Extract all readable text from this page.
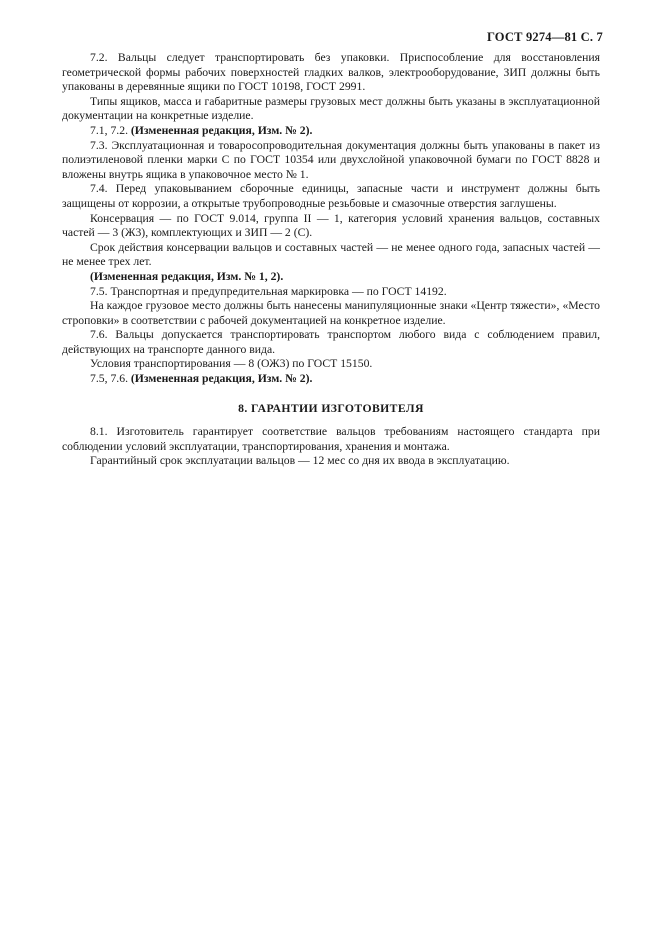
ГОСТ 9274—81 С. 7

7.2. Вальцы следует транспортировать без упаковки. Приспособление для восстановления геометрической формы рабочих поверхностей гладких валков, электрооборудование, ЗИП должны быть упакованы в деревянные ящики по ГОСТ 10198, ГОСТ 2991.

Типы ящиков, масса и габаритные размеры грузовых мест должны быть указаны в эксплуатационной документации на конкретные изделие.

7.1, 7.2. (Измененная редакция, Изм. № 2).

7.3. Эксплуатационная и товаросопроводительная документация должны быть упакованы в пакет из полиэтиленовой пленки марки С по ГОСТ 10354 или двухслойной упаковочной бумаги по ГОСТ 8828 и вложены внутрь ящика в упаковочное место № 1.

7.4. Перед упаковыванием сборочные единицы, запасные части и инструмент должны быть защищены от коррозии, а открытые трубопроводные резьбовые и смазочные отверстия заглушены.

Консервация — по ГОСТ 9.014, группа II — 1, категория условий хранения вальцов, составных частей — 3 (Ж3), комплектующих и ЗИП — 2 (С).

Срок действия консервации вальцов и составных частей — не менее одного года, запасных частей — не менее трех лет.

(Измененная редакция, Изм. № 1, 2).

7.5. Транспортная и предупредительная маркировка — по ГОСТ 14192.

На каждое грузовое место должны быть нанесены манипуляционные знаки «Центр тяжести», «Место строповки» в соответствии с рабочей документацией на конкретное изделие.

7.6. Вальцы допускается транспортировать транспортом любого вида с соблюдением правил, действующих на транспорте данного вида.

Условия транспортирования — 8 (ОЖ3) по ГОСТ 15150.

7.5, 7.6. (Измененная редакция, Изм. № 2).

8. ГАРАНТИИ ИЗГОТОВИТЕЛЯ

8.1. Изготовитель гарантирует соответствие вальцов требованиям настоящего стандарта при соблюдении условий эксплуатации, транспортирования, хранения и монтажа.

Гарантийный срок эксплуатации вальцов — 12 мес со дня их ввода в эксплуатацию.
